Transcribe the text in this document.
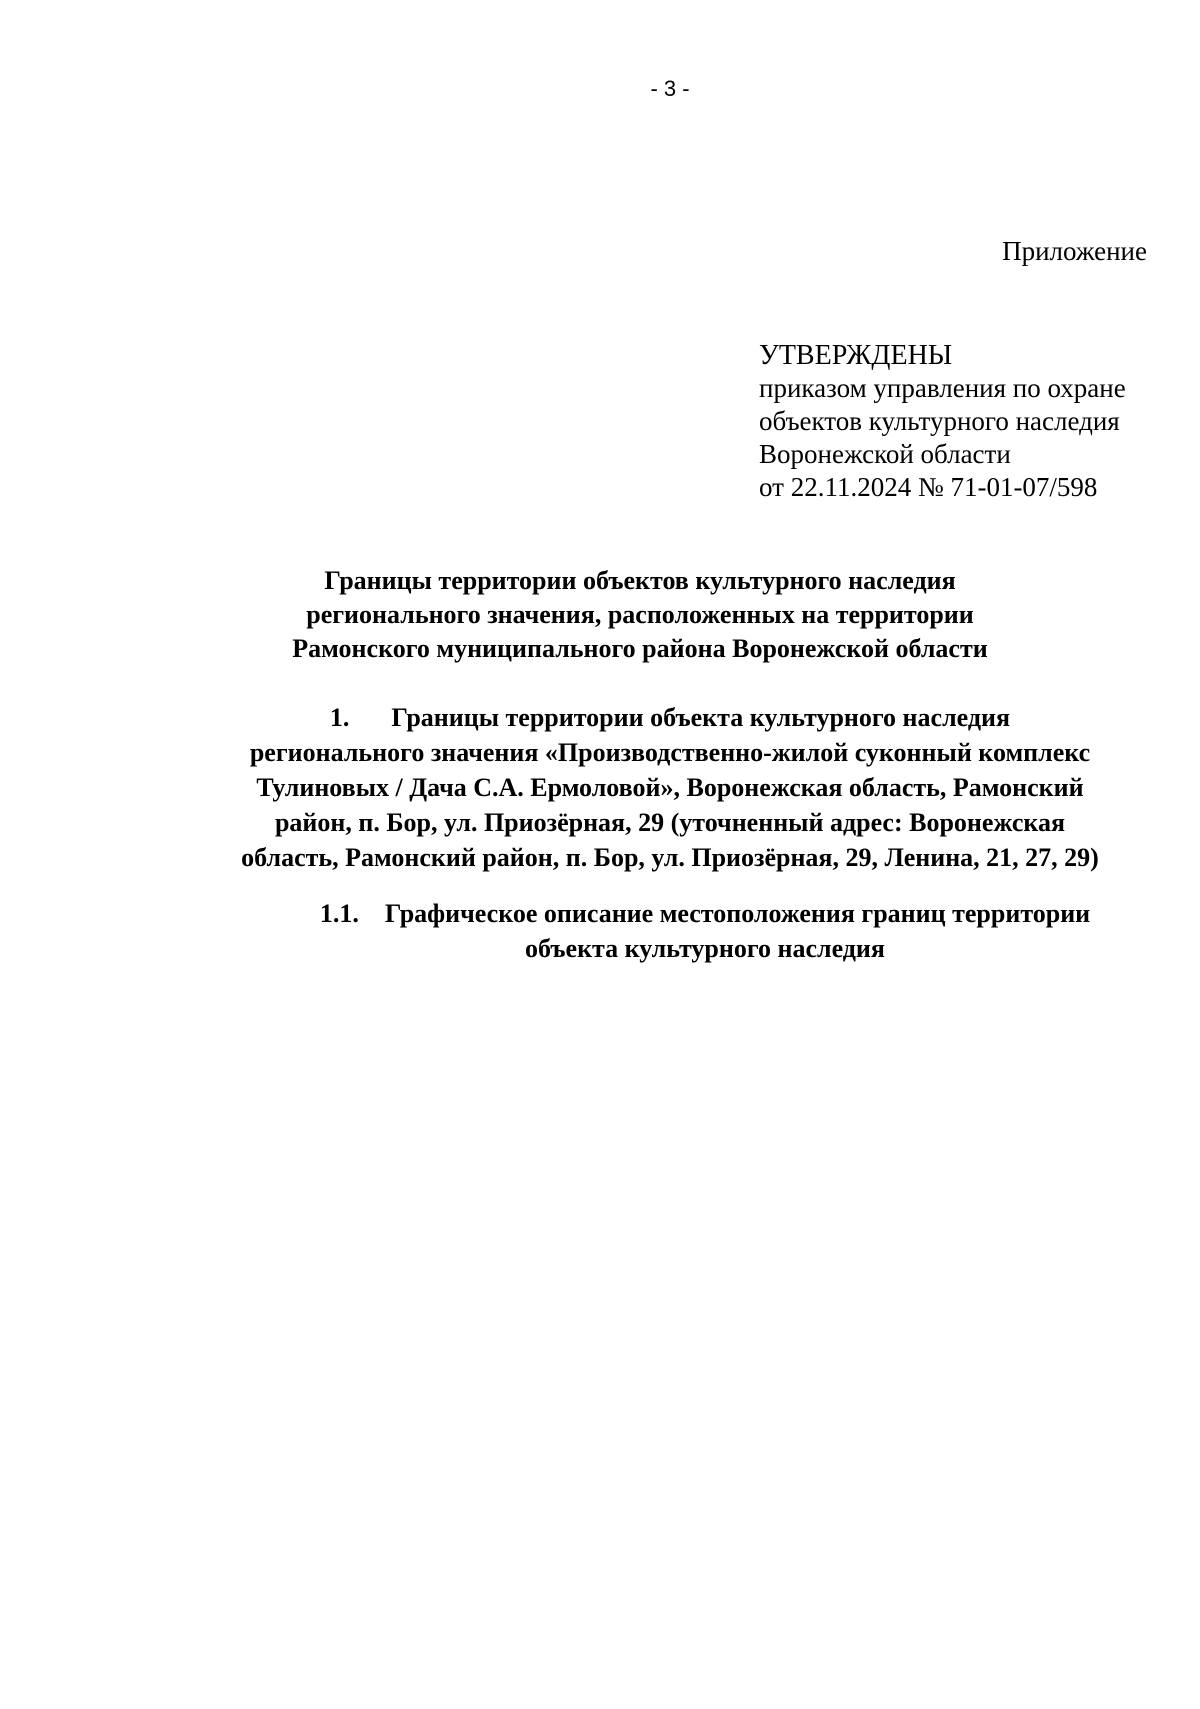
- 3 -
Приложение
УТВЕРЖДЕНЫ
приказом управления по охране
объектов культурного наследия
Воронежской области
от 22.11.2024 № 71-01-07/598
Границы территории объектов культурного наследия
регионального значения, расположенных на территории
Рамонского муниципального района Воронежской области
1. Границы территории объекта культурного наследия
регионального значения «Производственно-жилой суконный комплекс
Тулиновых / Дача С.А. Ермоловой», Воронежская область, Рамонский
район, п. Бор, ул. Приозёрная, 29 (уточненный адрес: Воронежская
область, Рамонский район, п. Бор, ул. Приозёрная, 29, Ленина, 21, 27, 29)
1.1. Графическое описание местоположения границ территории
объекта культурного наследия
